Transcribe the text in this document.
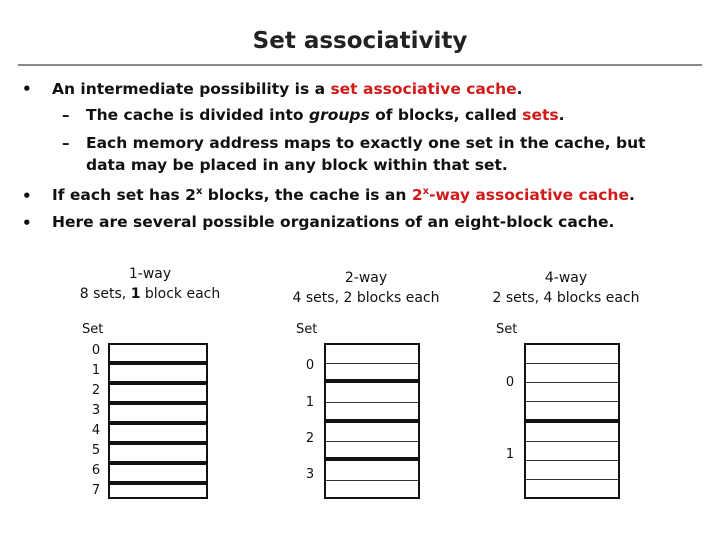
Set associativity
• An intermediate possibility is a set associative cache.
– The cache is divided into groups of blocks, called sets.
– Each memory address maps to exactly one set in the cache, but
data may be placed in any block within that set.
• If each set has 2$^x$ blocks, the cache is an 2$^x$-way associative cache.
• Here are several possible organizations of an eight-block cache.
1-way
8 sets, 1 block each
Set
0
1
2
3
4
5
6
7
2-way
4 sets, 2 blocks each
Set
0
1
2
3
4-way
2 sets, 4 blocks each
Set
0
1
